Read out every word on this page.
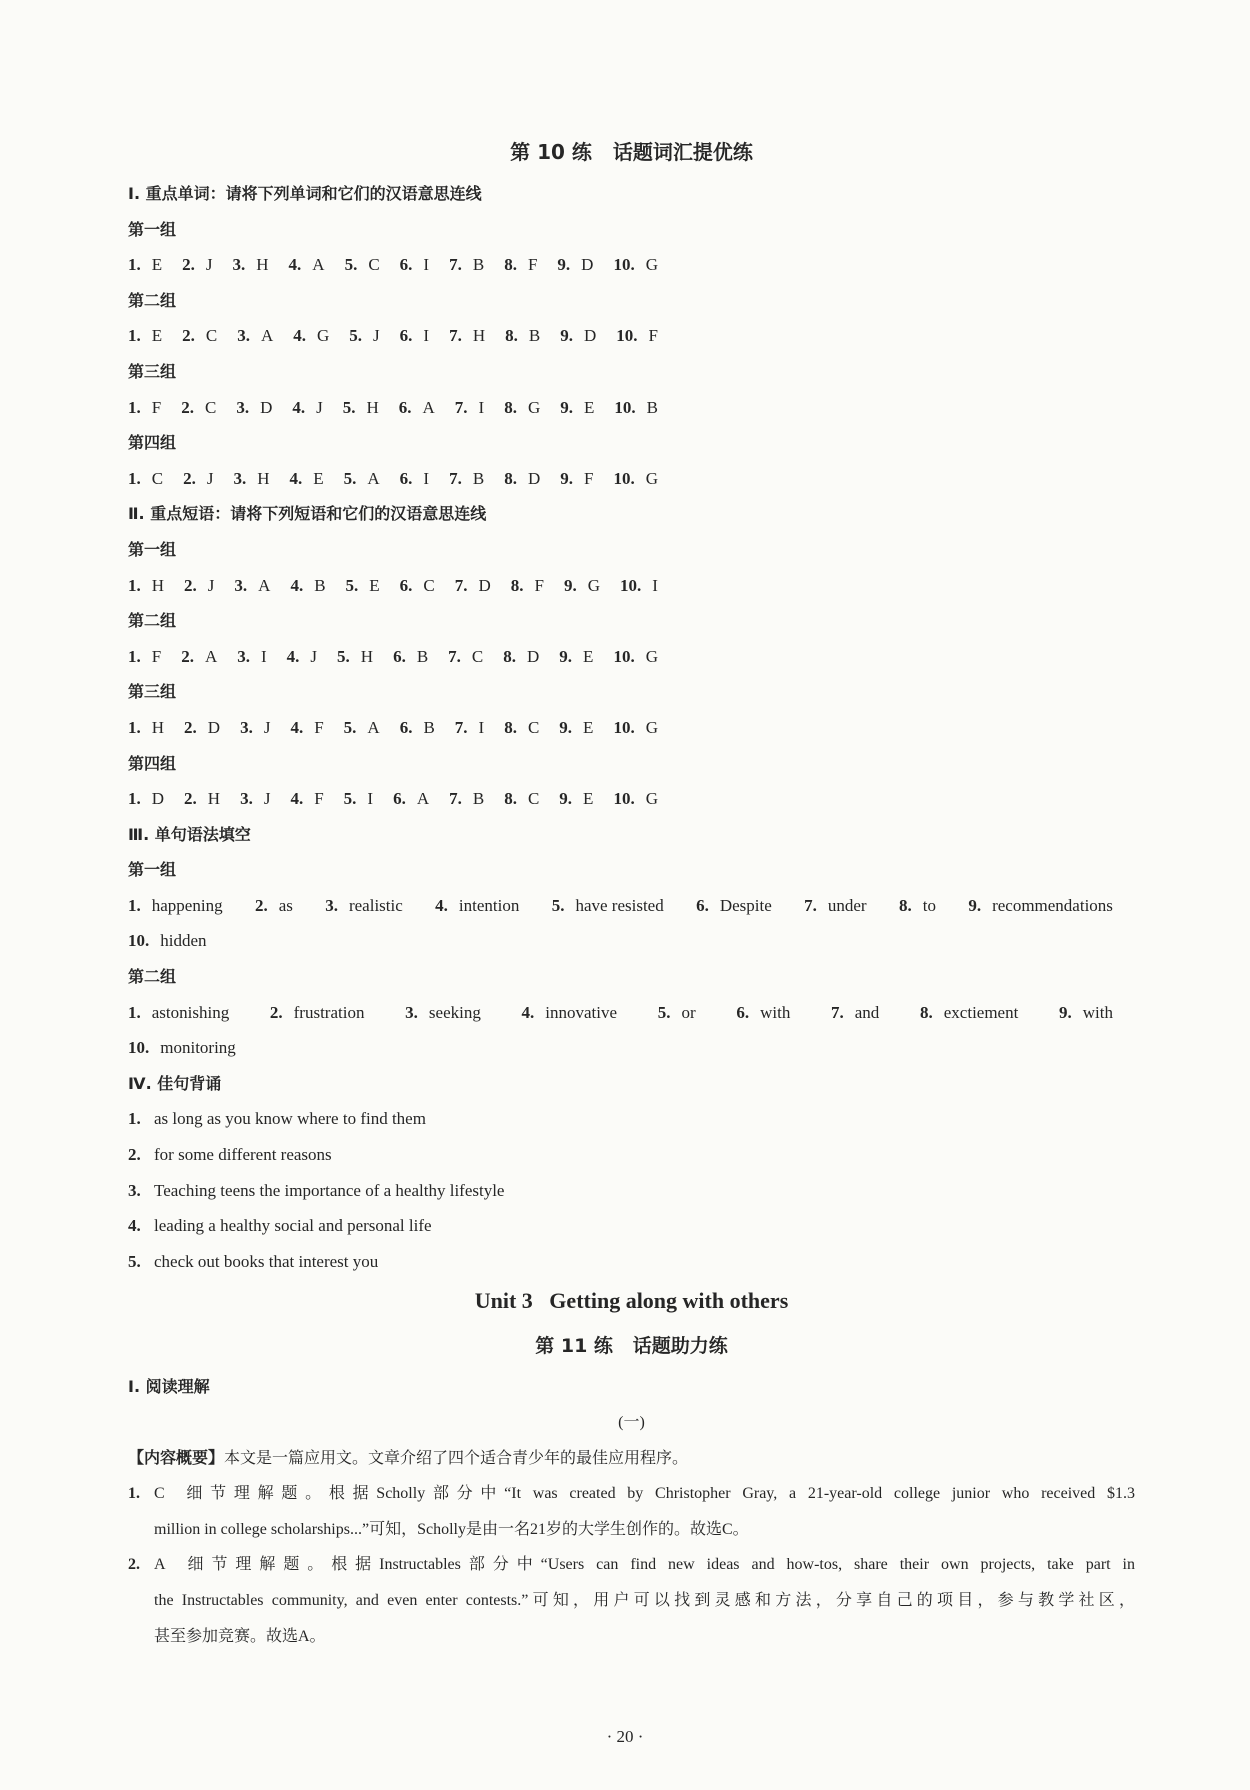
第 10 练   话题词汇提优练
Ⅰ. 重点单词：请将下列单词和它们的汉语意思连线
第一组
1. E 2. J 3. H 4. A 5. C 6. I 7. B 8. F 9. D 10. G
第二组
1. E 2. C 3. A 4. G 5. J 6. I 7. H 8. B 9. D 10. F
第三组
1. F 2. C 3. D 4. J 5. H 6. A 7. I 8. G 9. E 10. B
第四组
1. C 2. J 3. H 4. E 5. A 6. I 7. B 8. D 9. F 10. G
Ⅱ. 重点短语：请将下列短语和它们的汉语意思连线
第一组
1. H 2. J 3. A 4. B 5. E 6. C 7. D 8. F 9. G 10. I
第二组
1. F 2. A 3. I 4. J 5. H 6. B 7. C 8. D 9. E 10. G
第三组
1. H 2. D 3. J 4. F 5. A 6. B 7. I 8. C 9. E 10. G
第四组
1. D 2. H 3. J 4. F 5. I 6. A 7. B 8. C 9. E 10. G
Ⅲ. 单句语法填空
第一组
1. happening 2. as 3. realistic 4. intention 5. have resisted 6. Despite 7. under 8. to 9. recommendations
10. hidden
第二组
1. astonishing 2. frustration 3. seeking 4. innovative 5. or 6. with 7. and 8. exctiement 9. with
10. monitoring
Ⅳ. 佳句背诵
1. as long as you know where to find them
2. for some different reasons
3. Teaching teens the importance of a healthy lifestyle
4. leading a healthy social and personal life
5. check out books that interest you
Unit 3   Getting along with others
第 11 练   话题助力练
Ⅰ. 阅读理解
(一)
【内容概要】本文是一篇应用文。文章介绍了四个适合青少年的最佳应用程序。
1. C 细节理解题。根据Scholly部分中“It was created by Christopher Gray, a 21-year-old college junior who received $1.3
million in college scholarships...”可知，Scholly是由一名21岁的大学生创作的。故选C。
2. A 细节理解题。根据Instructables部分中“Users can find new ideas and how-tos, share their own projects, take part in
the Instructables community, and even enter contests.”可知，用户可以找到灵感和方法，分享自己的项目，参与教学社区，
甚至参加竞赛。故选A。
· 20 ·
